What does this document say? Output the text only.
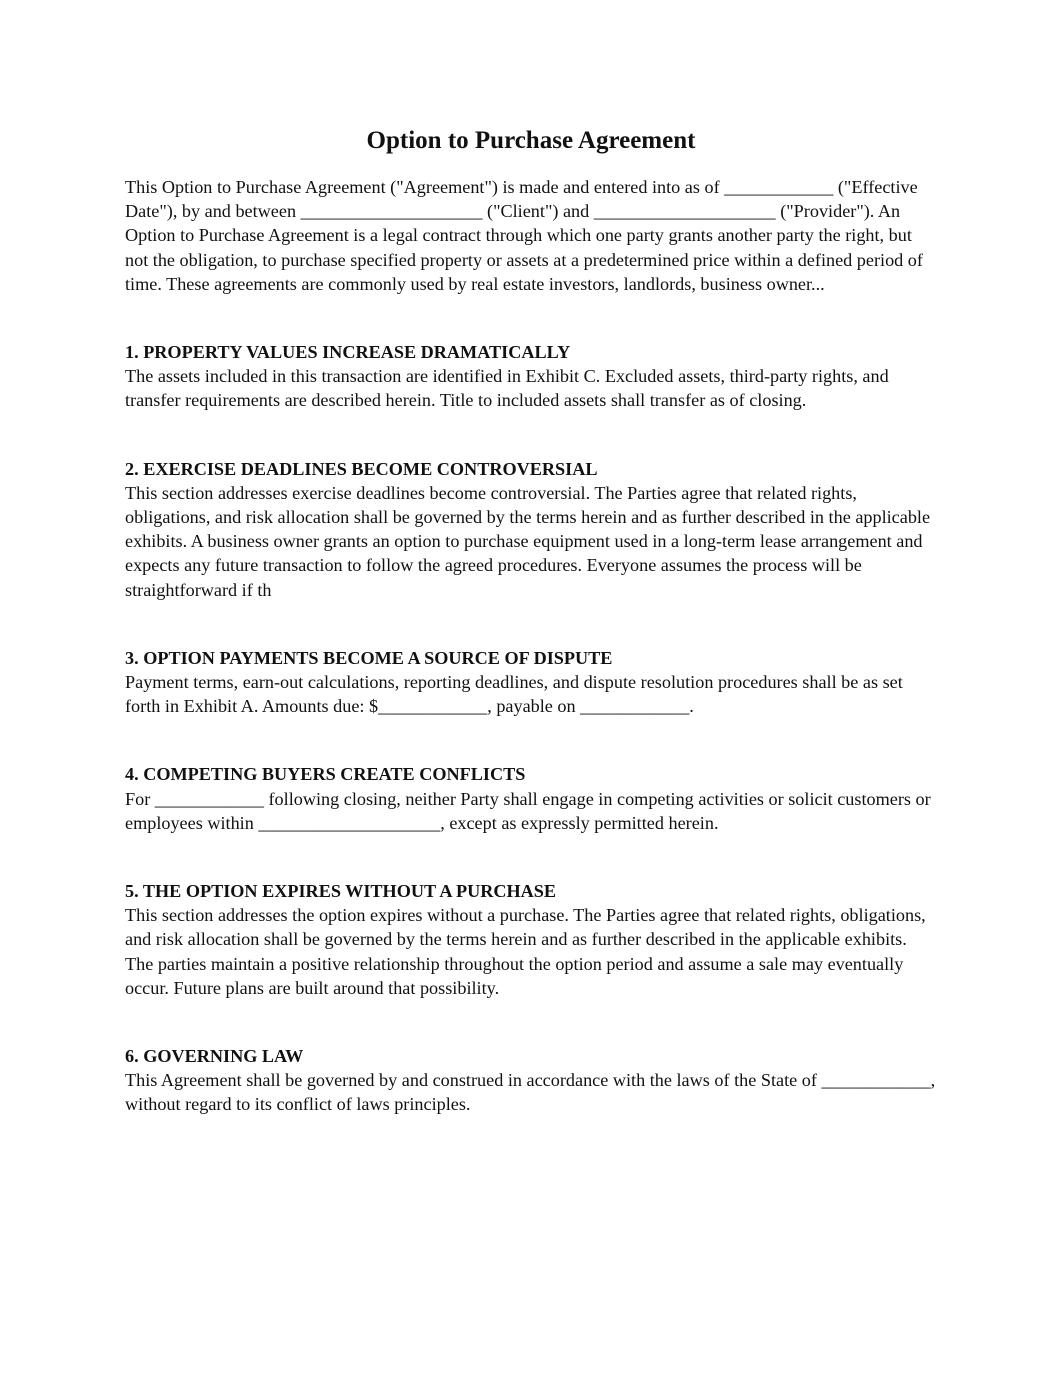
Option to Purchase Agreement

This Option to Purchase Agreement ("Agreement") is made and entered into as of ____________ ("Effective Date"), by and between ____________________ ("Client") and ____________________ ("Provider"). An Option to Purchase Agreement is a legal contract through which one party grants another party the right, but not the obligation, to purchase specified property or assets at a predetermined price within a defined period of time. These agreements are commonly used by real estate investors, landlords, business owner...

1. PROPERTY VALUES INCREASE DRAMATICALLY

The assets included in this transaction are identified in Exhibit C. Excluded assets, third-party rights, and transfer requirements are described herein. Title to included assets shall transfer as of closing.

2. EXERCISE DEADLINES BECOME CONTROVERSIAL

This section addresses exercise deadlines become controversial. The Parties agree that related rights, obligations, and risk allocation shall be governed by the terms herein and as further described in the applicable exhibits. A business owner grants an option to purchase equipment used in a long-term lease arrangement and expects any future transaction to follow the agreed procedures. Everyone assumes the process will be straightforward if th

3. OPTION PAYMENTS BECOME A SOURCE OF DISPUTE

Payment terms, earn-out calculations, reporting deadlines, and dispute resolution procedures shall be as set forth in Exhibit A. Amounts due: $____________, payable on ____________.

4. COMPETING BUYERS CREATE CONFLICTS

For ____________ following closing, neither Party shall engage in competing activities or solicit customers or employees within ____________________, except as expressly permitted herein.

5. THE OPTION EXPIRES WITHOUT A PURCHASE

This section addresses the option expires without a purchase. The Parties agree that related rights, obligations, and risk allocation shall be governed by the terms herein and as further described in the applicable exhibits. The parties maintain a positive relationship throughout the option period and assume a sale may eventually occur. Future plans are built around that possibility.

6. GOVERNING LAW

This Agreement shall be governed by and construed in accordance with the laws of the State of ____________, without regard to its conflict of laws principles.
